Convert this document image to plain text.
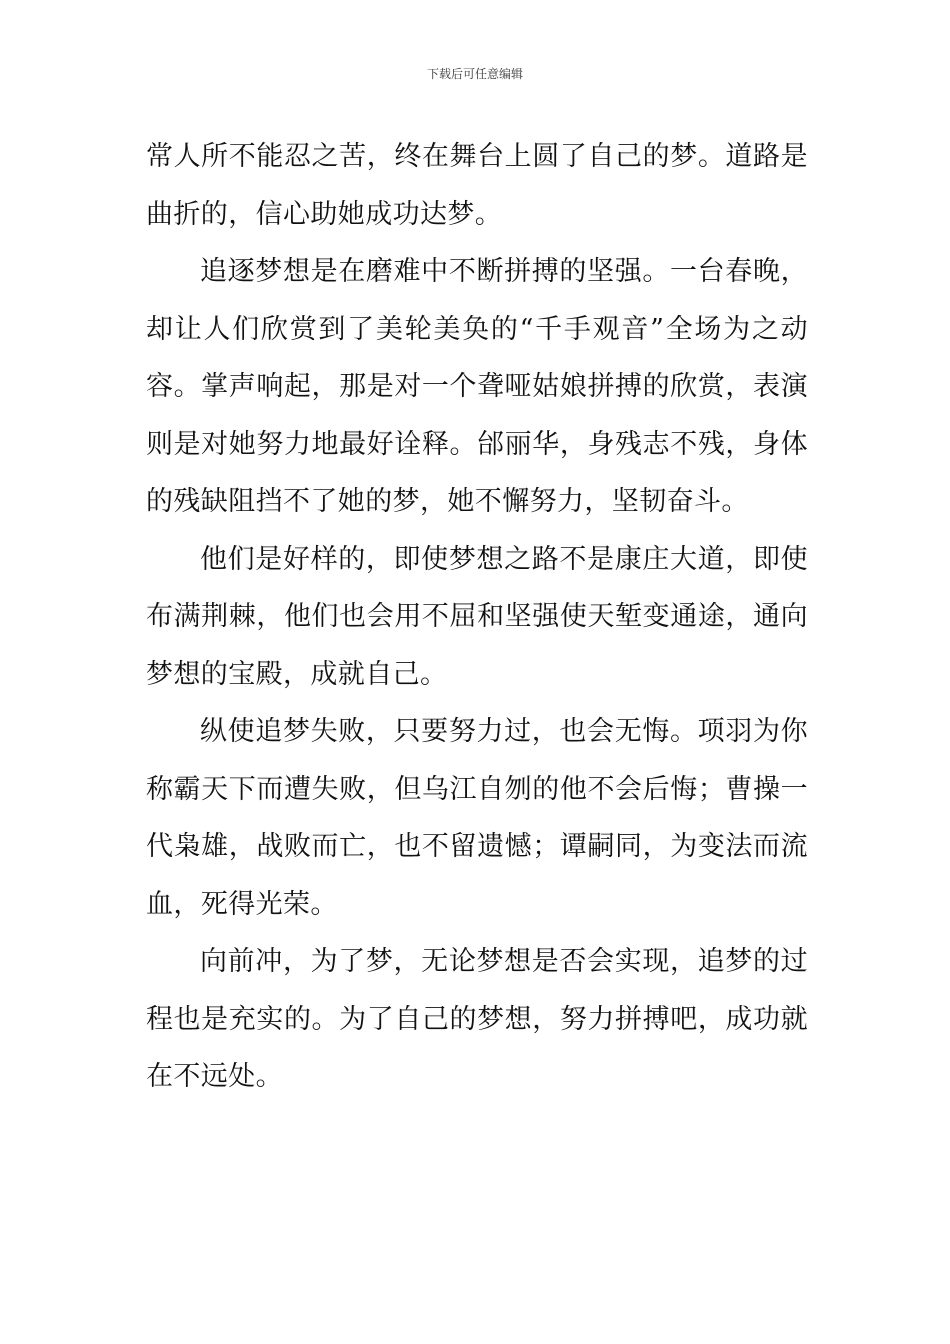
下载后可任意编辑

常人所不能忍之苦，终在舞台上圆了自己的梦。道路是曲折的，信心助她成功达梦。

追逐梦想是在磨难中不断拼搏的坚强。一台春晚，却让人们欣赏到了美轮美奂的“千手观音”全场为之动容。掌声响起，那是对一个聋哑姑娘拼搏的欣赏，表演则是对她努力地最好诠释。邰丽华，身残志不残，身体的残缺阻挡不了她的梦，她不懈努力，坚韧奋斗。

他们是好样的，即使梦想之路不是康庄大道，即使布满荆棘，他们也会用不屈和坚强使天堑变通途，通向梦想的宝殿，成就自己。

纵使追梦失败，只要努力过，也会无悔。项羽为你称霸天下而遭失败，但乌江自刎的他不会后悔；曹操一代枭雄，战败而亡，也不留遗憾；谭嗣同，为变法而流血，死得光荣。

向前冲，为了梦，无论梦想是否会实现，追梦的过程也是充实的。为了自己的梦想，努力拼搏吧，成功就在不远处。
